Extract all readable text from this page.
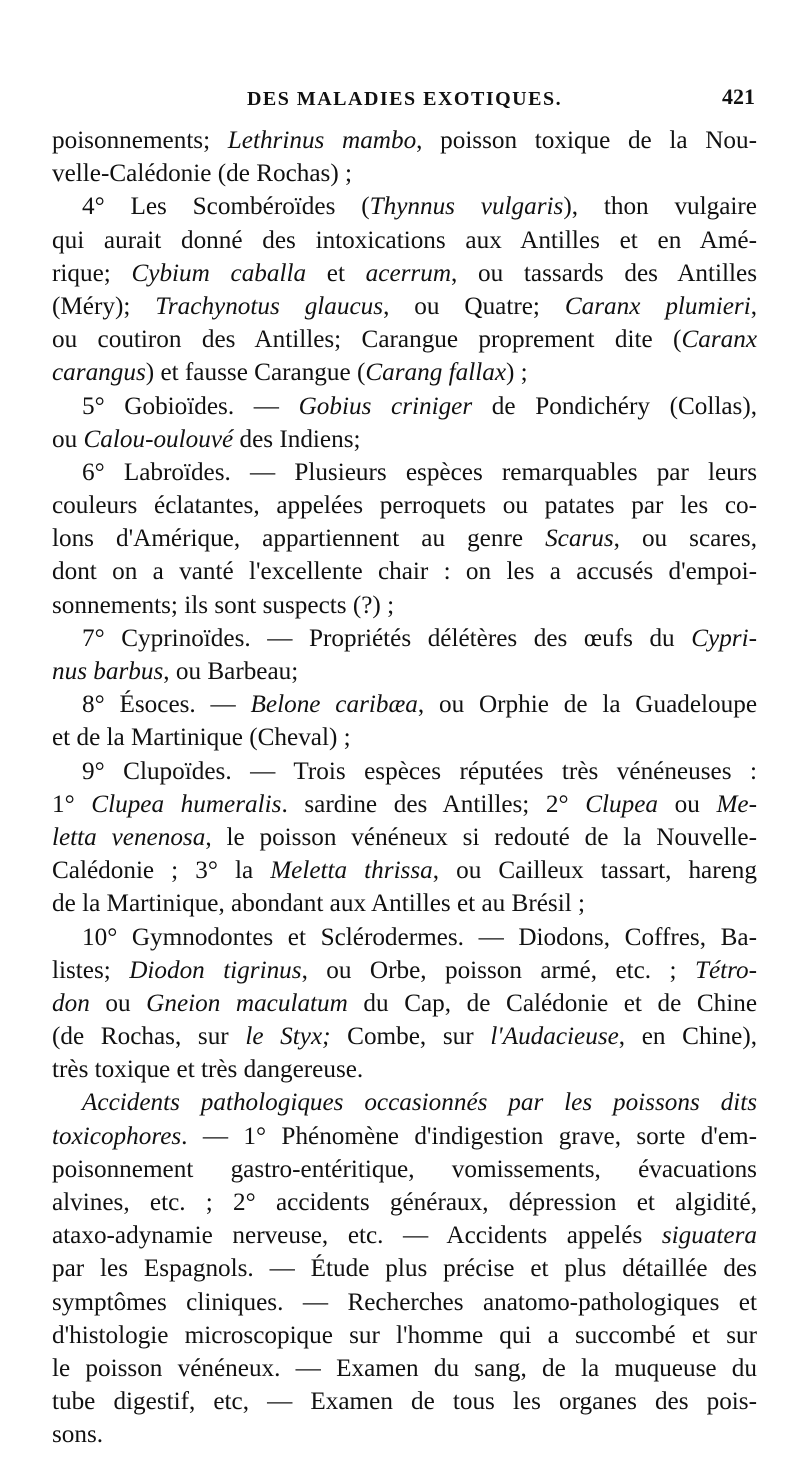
DES MALADIES EXOTIQUES.	421
poisonnements; Lethrinus mambo, poisson toxique de la Nou-
velle-Calédonie (de Rochas) ;
4° Les Scombéroïdes (Thynnus vulgaris), thon vulgaire
qui aurait donné des intoxications aux Antilles et en Amé-
rique; Cybium caballa et acerrum, ou tassards des Antilles
(Méry); Trachynotus glaucus, ou Quatre; Caranx plumieri,
ou coutiron des Antilles; Carangue proprement dite (Caranx
carangus) et fausse Carangue (Carang fallax) ;
5° Gobioïdes. — Gobius criniger de Pondichéry (Collas),
ou Calou-oulouvé des Indiens;
6° Labroïdes. — Plusieurs espèces remarquables par leurs
couleurs éclatantes, appelées perroquets ou patates par les co-
lons d'Amérique, appartiennent au genre Scarus, ou scares,
dont on a vanté l'excellente chair : on les a accusés d'empoi-
sonnements; ils sont suspects (?) ;
7° Cyprinoïdes. — Propriétés délétères des œufs du Cypri-
nus barbus, ou Barbeau;
8° Ésoces. — Belone caribæa, ou Orphie de la Guadeloupe
et de la Martinique (Cheval) ;
9° Clupoïdes. — Trois espèces réputées très vénéneuses :
1° Clupea humeralis. sardine des Antilles; 2° Clupea ou Me-
letta venenosa, le poisson vénéneux si redouté de la Nouvelle-
Calédonie ; 3° la Meletta thrissa, ou Cailleux tassart, hareng
de la Martinique, abondant aux Antilles et au Brésil ;
10° Gymnodontes et Sclérodermes. — Diodons, Coffres, Ba-
listes; Diodon tigrinus, ou Orbe, poisson armé, etc. ; Tétro-
don ou Gneion maculatum du Cap, de Calédonie et de Chine
(de Rochas, sur le Styx; Combe, sur l'Audacieuse, en Chine),
très toxique et très dangereuse.
Accidents pathologiques occasionnés par les poissons dits
toxicophores. — 1° Phénomène d'indigestion grave, sorte d'em-
poisonnement gastro-entéritique, vomissements, évacuations
alvines, etc. ; 2° accidents généraux, dépression et algidité,
ataxo-adynamie nerveuse, etc. — Accidents appelés siguatera
par les Espagnols. — Étude plus précise et plus détaillée des
symptômes cliniques. — Recherches anatomo-pathologiques et
d'histologie microscopique sur l'homme qui a succombé et sur
le poisson vénéneux. — Examen du sang, de la muqueuse du
tube digestif, etc, — Examen de tous les organes des pois-
sons.
